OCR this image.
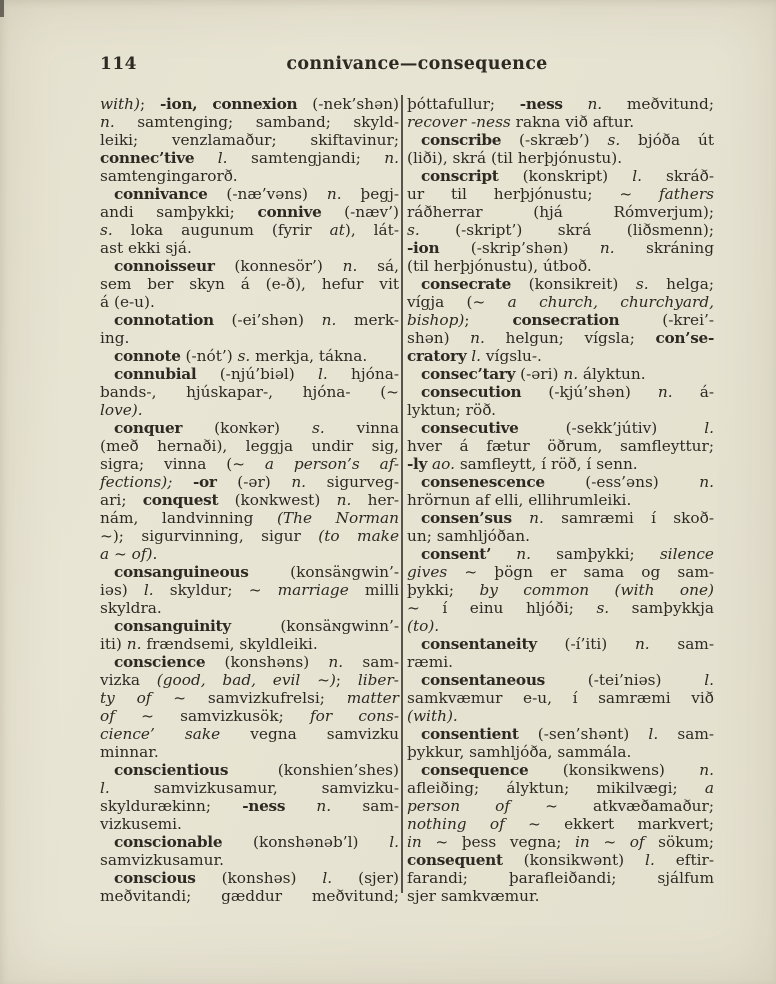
114	connivance—consequence
with); -ion, connexion (-nek’shən)
n. samtenging; samband; skyld-
leiki; venzlamaður; skiftavinur;
connec’tive l. samtengjandi; n.
samtengingarorð.
connivance (-næ’vəns) n. þegj-
andi samþykki; connive (-næv’)
s. loka augunum (fyrir at), lát-
ast ekki sjá.
connoisseur (konnesör’) n. sá,
sem ber skyn á (e-ð), hefur vit
á (e-u).
connotation (-ei’shən) n. merk-
ing.
connote (-nót’) s. merkja, tákna.
connubial (-njú’biəl) l. hjóna-
bands-, hjúskapar-, hjóna- (~
love).
conquer (koɴkər) s. vinna
(með hernaði), leggja undir sig,
sigra; vinna (~ a person’s af-
fections); -or (-ər) n. sigurveg-
ari; conquest (koɴkwest) n. her-
nám, landvinning (The Norman
~); sigurvinning, sigur (to make
a ~ of).
consanguineous (konsäɴgwin’-
iəs) l. skyldur; ~ marriage milli
skyldra.
consanguinity (konsäɴgwinn’-
iti) n. frændsemi, skyldleiki.
conscience (konshəns) n. sam-
vizka (good, bad, evil ~); liber-
ty of ~ samvizkufrelsi; matter
of ~ samvizkusök; for cons-
cience’ sake vegna samvizku
minnar.
conscientious (konshien’shes)
l. samvizkusamur, samvizku-
skyldurækinn; -ness n. sam-
vizkusemi.
conscionable (konshənəb’l) l.
samvizkusamur.
conscious (konshəs) l. (sjer)
meðvitandi; gæddur meðvitund;
þóttafullur; -ness n. meðvitund;
recover -ness rakna við aftur.
conscribe (-skræb’) s. bjóða út
(liði), skrá (til herþjónustu).
conscript (konskript) l. skráð-
ur til herþjónustu; ~ fathers
ráðherrar (hjá Rómverjum);
s. (-skript’) skrá (liðsmenn);
-ion (-skrip’shən) n. skráning
(til herþjónustu), útboð.
consecrate (konsikreit) s. helga;
vígja (~ a church, churchyard,
bishop); consecration (-krei’-
shən) n. helgun; vígsla; con’se-
cratory l. vígslu-.
consec’tary (-əri) n. ályktun.
consecution (-kjú’shən) n. á-
lyktun; röð.
consecutive (-sekk’jútiv) l.
hver á fætur öðrum, samfleyttur;
-ly ao. samfleytt, í röð, í senn.
consenescence (-ess’əns) n.
hrörnun af elli, ellihrumleiki.
consen’sus n. samræmi í skoð-
un; samhljóðan.
consent’ n. samþykki; silence
gives ~ þögn er sama og sam-
þykki; by common (with one)
~ í einu hljóði; s. samþykkja
(to).
consentaneity (-í’iti) n. sam-
ræmi.
consentaneous (-tei’niəs) l.
samkvæmur e-u, í samræmi við
(with).
consentient (-sen’shənt) l. sam-
þykkur, samhljóða, sammála.
consequence (konsikwens) n.
afleiðing; ályktun; mikilvægi; a
person of ~ atkvæðamaður;
nothing of ~ ekkert markvert;
in ~ þess vegna; in ~ of sökum;
consequent (konsikwənt) l. eftir-
farandi; þarafleiðandi; sjálfum
sjer samkvæmur.
